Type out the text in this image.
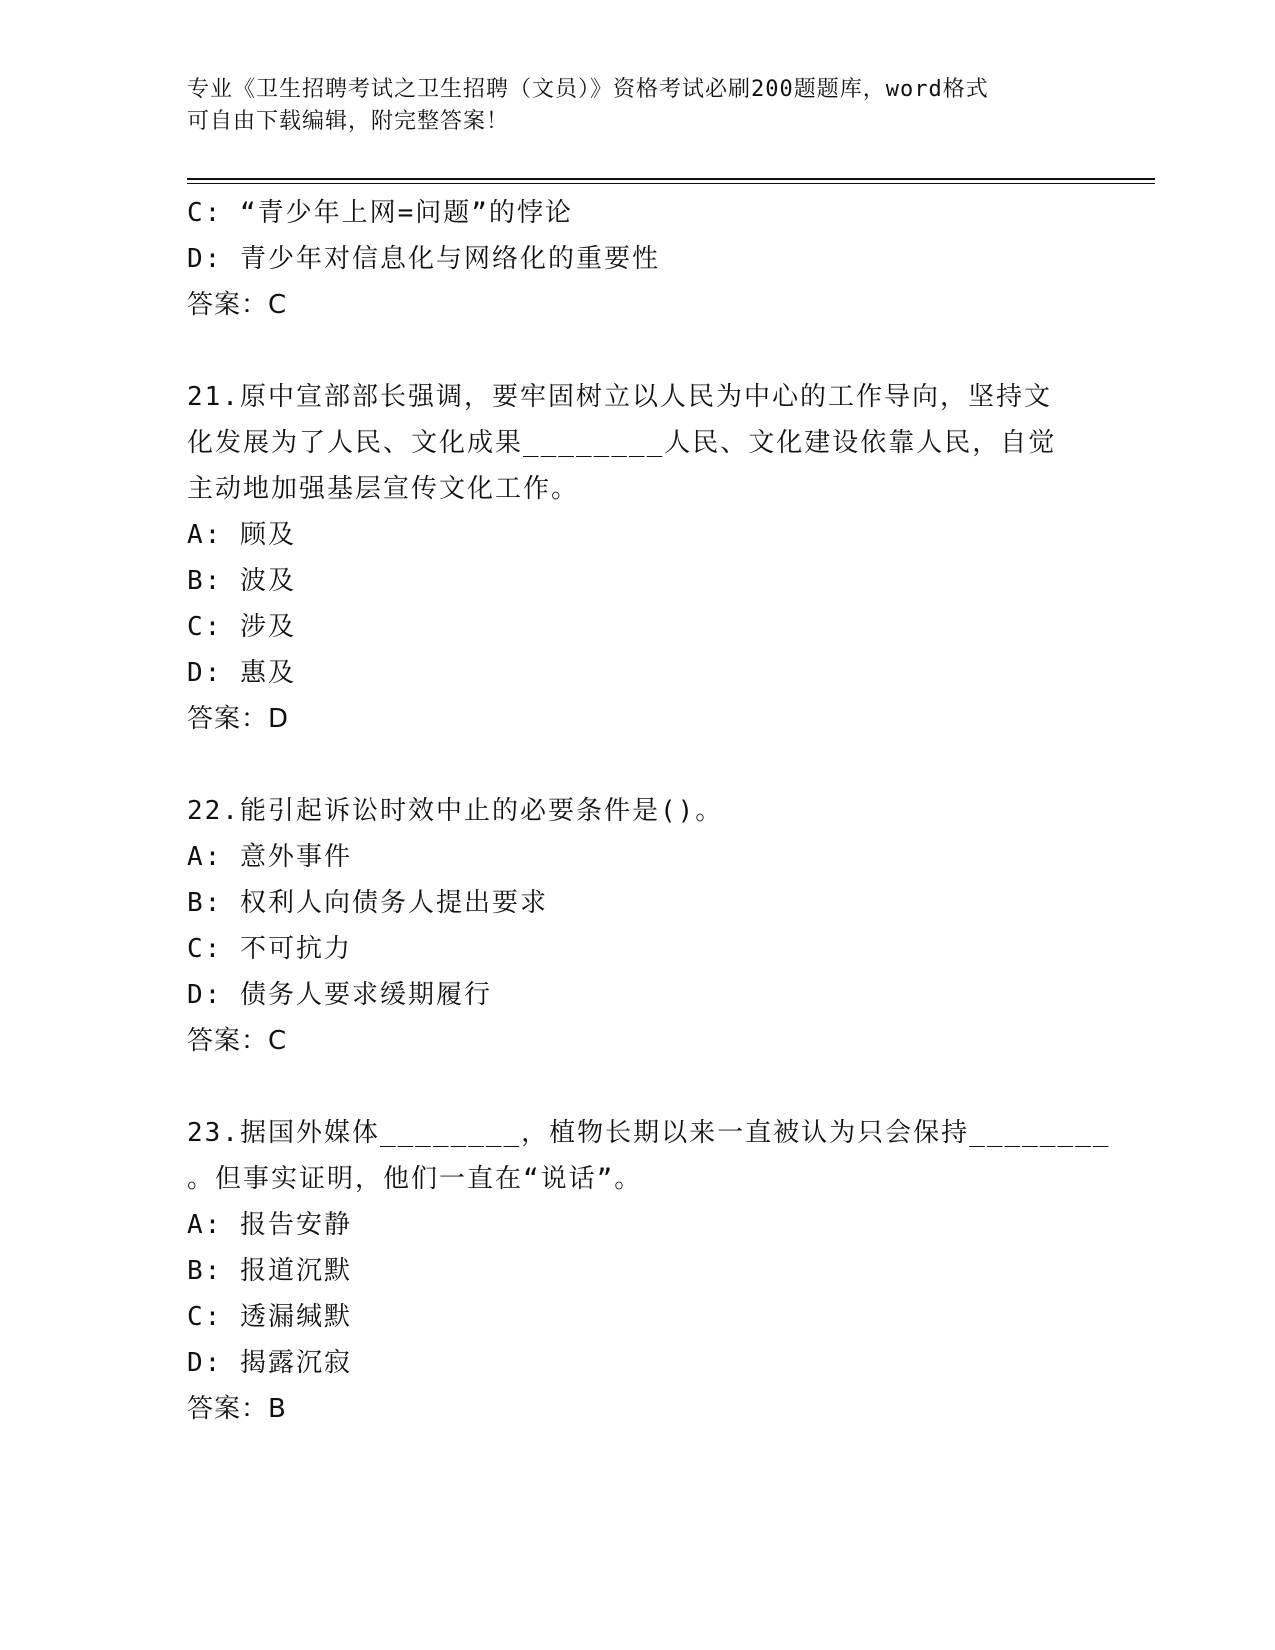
专业《卫生招聘考试之卫生招聘（文员）》资格考试必刷200题题库，word格式
可自由下载编辑，附完整答案！

C: “青少年上网=问题”的悖论

D: 青少年对信息化与网络化的重要性

答案：C

21.原中宣部部长强调，要牢固树立以人民为中心的工作导向，坚持文

化发展为了人民、文化成果________人民、文化建设依靠人民，自觉

主动地加强基层宣传文化工作。

A: 顾及

B: 波及

C: 涉及

D: 惠及

答案：D

22.能引起诉讼时效中止的必要条件是()。

A: 意外事件

B: 权利人向债务人提出要求

C: 不可抗力

D: 债务人要求缓期履行

答案：C

23.据国外媒体________，植物长期以来一直被认为只会保持________

。但事实证明，他们一直在“说话”。

A: 报告安静

B: 报道沉默

C: 透漏缄默

D: 揭露沉寂

答案：B
